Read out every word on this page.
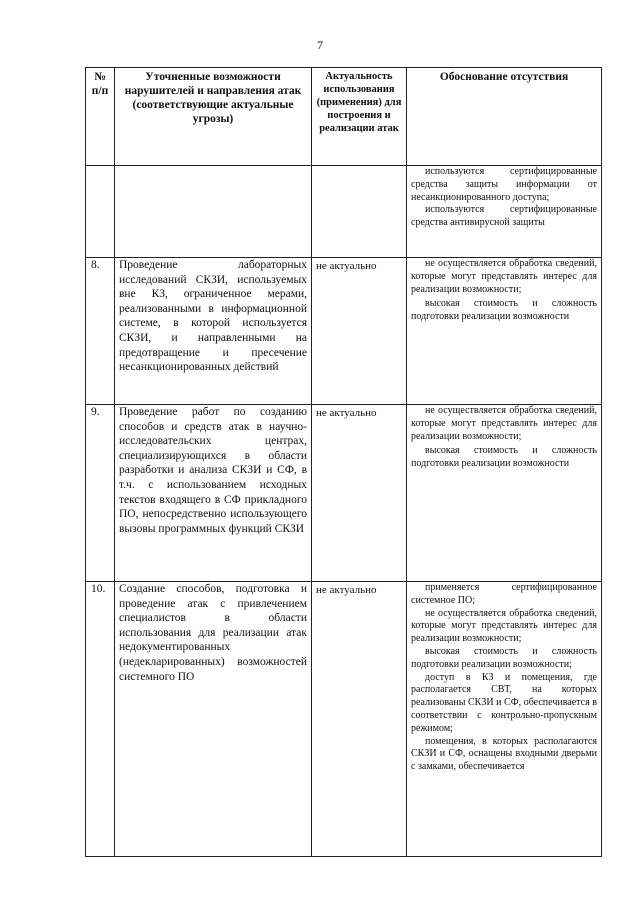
7
№ п/п	Уточненные возможности нарушителей и направления атак (соответствующие актуальные угрозы)	Актуальность использования (применения) для построения и реализации атак	Обоснование отсутствия

			используются сертифицированные средства защиты информации от несанкционированного доступа;

используются сертифицированные средства антивирусной защиты

8.	Проведение лабораторных исследований СКЗИ, используемых вне КЗ, ограниченное мерами, реализованными в информационной системе, в которой используется СКЗИ, и направленными на предотвращение и пресечение несанкционированных действий	не актуально	не осуществляется обработка сведений, которые могут представлять интерес для реализации возможности;

высокая стоимость и сложность подготовки реализации возможности

9.	Проведение работ по созданию способов и средств атак в научно-исследовательских центрах, специализирующихся в области разработки и анализа СКЗИ и СФ, в т.ч. с использованием исходных текстов входящего в СФ прикладного ПО, непосредственно использующего вызовы программных функций СКЗИ	не актуально	не осуществляется обработка сведений, которые могут представлять интерес для реализации возможности;

высокая стоимость и сложность подготовки реализации возможности

10.	Создание способов, подготовка и проведение атак с привлечением специалистов в области использования для реализации атак недокументированных (недекларированных) возможностей системного ПО	не актуально	применяется сертифицированное системное ПО;

не осуществляется обработка сведений, которые могут представлять интерес для реализации возможности;

высокая стоимость и сложность подготовки реализации возможности;

доступ в КЗ и помещения, где располагается СВТ, на которых реализованы СКЗИ и СФ, обеспечивается в соответствии с контрольно-пропускным режимом;

помещения, в которых располагаются СКЗИ и СФ, оснащены входными дверьми с замками, обеспечивается
